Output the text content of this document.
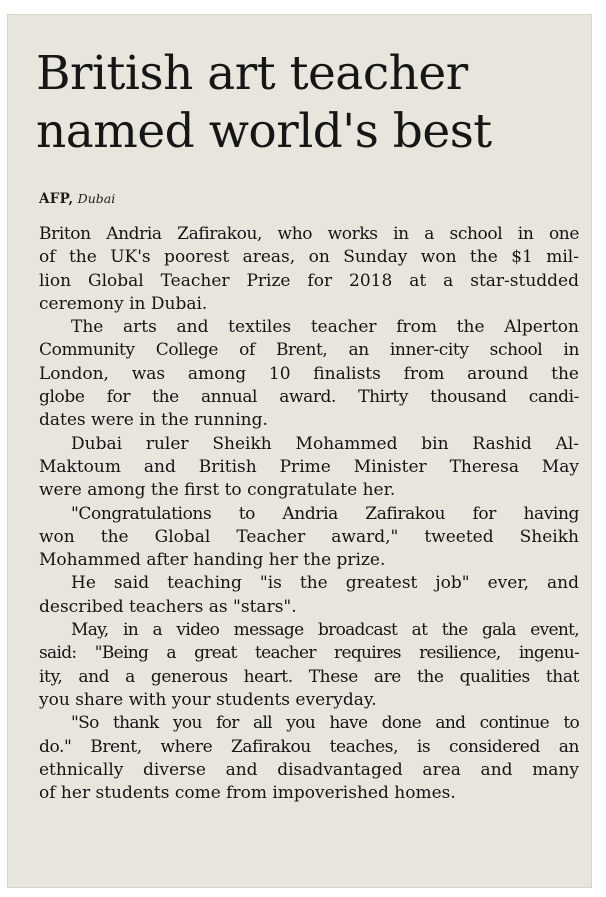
British art teacher
named world's best
AFP, Dubai

Briton Andria Zafirakou, who works in a school in one
of the UK's poorest areas, on Sunday won the $1 mil-
lion Global Teacher Prize for 2018 at a star-studded
ceremony in Dubai.

The arts and textiles teacher from the Alperton
Community College of Brent, an inner-city school in
London, was among 10 finalists from around the
globe for the annual award. Thirty thousand candi-
dates were in the running.

Dubai ruler Sheikh Mohammed bin Rashid Al-
Maktoum and British Prime Minister Theresa May
were among the first to congratulate her.

"Congratulations to Andria Zafirakou for having
won the Global Teacher award," tweeted Sheikh
Mohammed after handing her the prize.

He said teaching "is the greatest job" ever, and
described teachers as "stars".

May, in a video message broadcast at the gala event,
said: "Being a great teacher requires resilience, ingenu-
ity, and a generous heart. These are the qualities that
you share with your students everyday.

"So thank you for all you have done and continue to
do." Brent, where Zafirakou teaches, is considered an
ethnically diverse and disadvantaged area and many
of her students come from impoverished homes.
